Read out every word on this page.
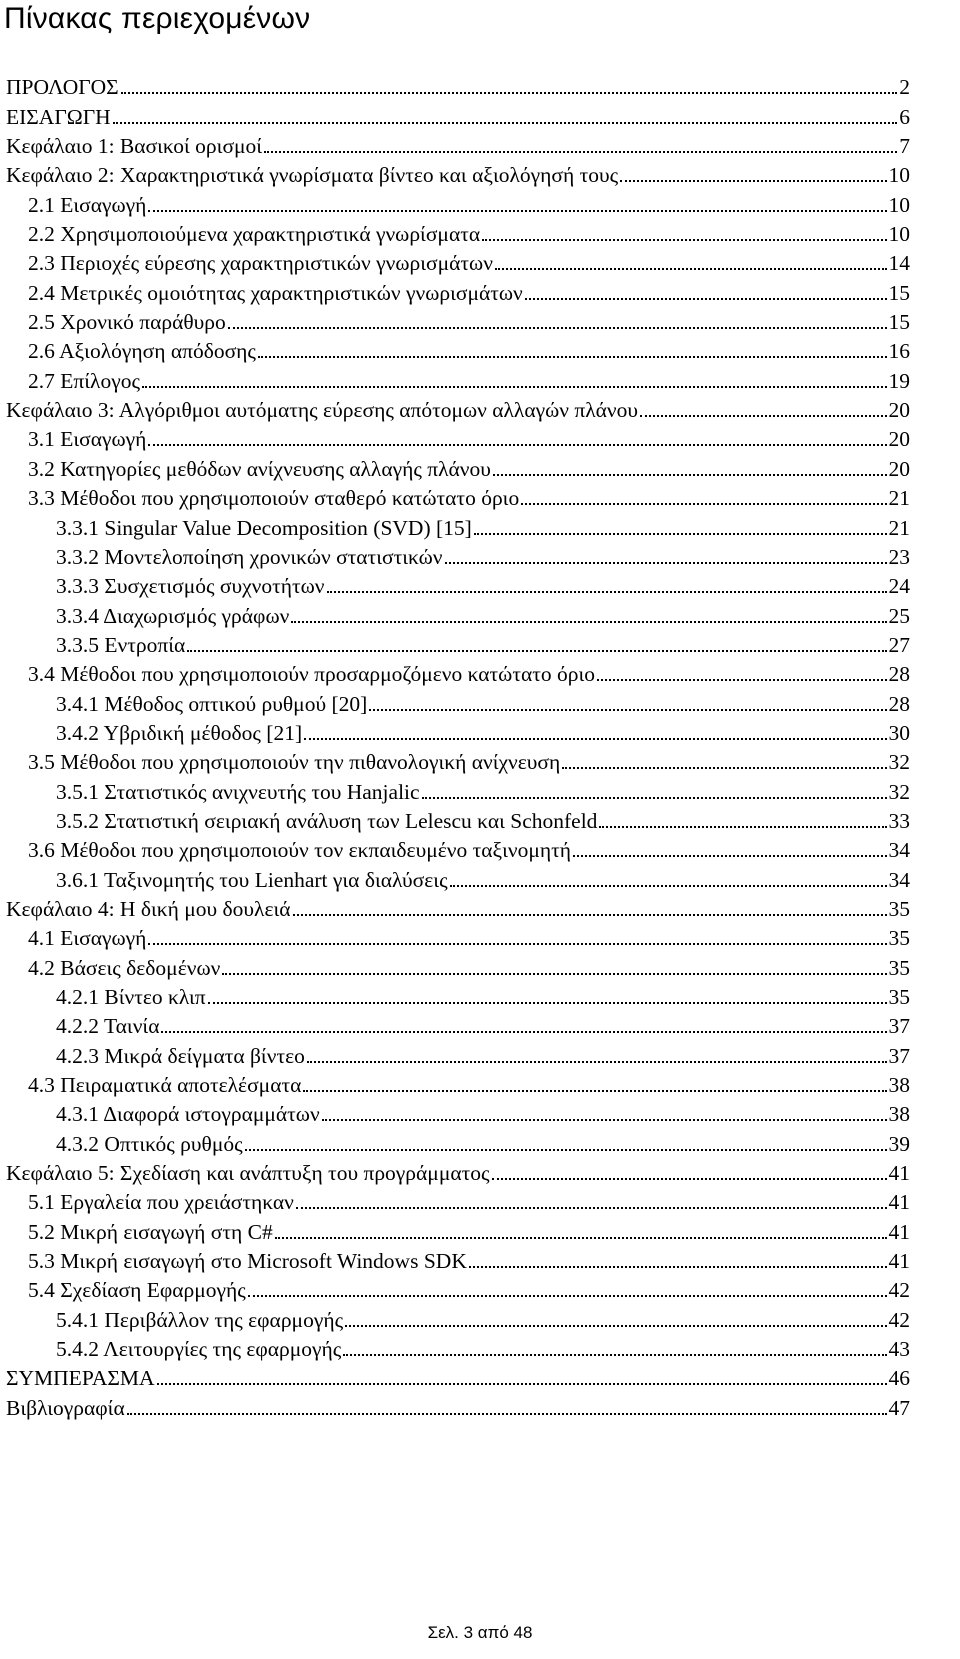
Πίνακας περιεχομένων
ΠΡΟΛΟΓΟΣ	2
ΕΙΣΑΓΩΓΗ	6
Κεφάλαιο 1: Βασικοί ορισμοί	7
Κεφάλαιο 2: Χαρακτηριστικά γνωρίσματα βίντεο και αξιολόγησή τους	10
2.1 Εισαγωγή	10
2.2 Χρησιμοποιούμενα χαρακτηριστικά γνωρίσματα	10
2.3 Περιοχές εύρεσης χαρακτηριστικών γνωρισμάτων	14
2.4 Μετρικές ομοιότητας χαρακτηριστικών γνωρισμάτων	15
2.5 Χρονικό παράθυρο	15
2.6 Αξιολόγηση απόδοσης	16
2.7 Επίλογος	19
Κεφάλαιο 3: Αλγόριθμοι αυτόματης εύρεσης απότομων αλλαγών πλάνου	20
3.1 Εισαγωγή	20
3.2 Κατηγορίες μεθόδων ανίχνευσης αλλαγής πλάνου	20
3.3 Μέθοδοι που χρησιμοποιούν σταθερό κατώτατο όριο	21
3.3.1 Singular Value Decomposition (SVD) [15]	21
3.3.2 Μοντελοποίηση χρονικών στατιστικών	23
3.3.3 Συσχετισμός συχνοτήτων	24
3.3.4 Διαχωρισμός γράφων	25
3.3.5 Εντροπία	27
3.4 Μέθοδοι που χρησιμοποιούν προσαρμοζόμενο κατώτατο όριο	28
3.4.1 Μέθοδος οπτικού ρυθμού [20]	28
3.4.2 Υβριδική μέθοδος [21]	30
3.5 Μέθοδοι που χρησιμοποιούν την πιθανολογική ανίχνευση	32
3.5.1 Στατιστικός ανιχνευτής του Hanjalic	32
3.5.2 Στατιστική σειριακή ανάλυση των Lelescu και Schonfeld	33
3.6 Μέθοδοι που χρησιμοποιούν τον εκπαιδευμένο ταξινομητή	34
3.6.1 Ταξινομητής του Lienhart για διαλύσεις	34
Κεφάλαιο 4: Η δική μου δουλειά	35
4.1 Εισαγωγή	35
4.2 Βάσεις δεδομένων	35
4.2.1 Βίντεο κλιπ	35
4.2.2 Ταινία	37
4.2.3 Μικρά δείγματα βίντεο	37
4.3 Πειραματικά αποτελέσματα	38
4.3.1 Διαφορά ιστογραμμάτων	38
4.3.2 Οπτικός ρυθμός	39
Κεφάλαιο 5: Σχεδίαση και ανάπτυξη του προγράμματος	41
5.1 Εργαλεία που χρειάστηκαν	41
5.2 Μικρή εισαγωγή στη C#	41
5.3 Μικρή εισαγωγή στο Microsoft Windows SDK	41
5.4 Σχεδίαση Εφαρμογής	42
5.4.1 Περιβάλλον της εφαρμογής	42
5.4.2 Λειτουργίες της εφαρμογής	43
ΣΥΜΠΕΡΑΣΜΑ	46
Βιβλιογραφία	47
Σελ. 3 από 48
